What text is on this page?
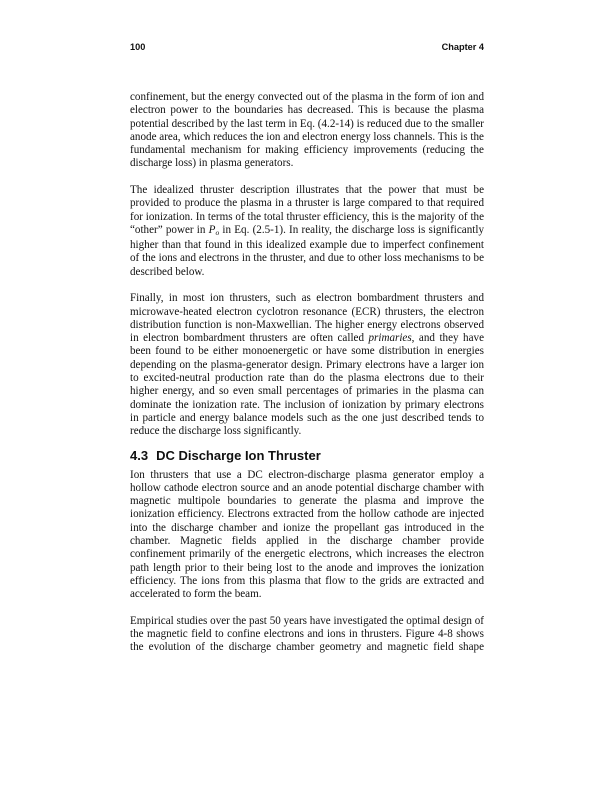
100	Chapter 4

confinement, but the energy convected out of the plasma in the form of ion and electron power to the boundaries has decreased. This is because the plasma potential described by the last term in Eq. (4.2-14) is reduced due to the smaller anode area, which reduces the ion and electron energy loss channels. This is the fundamental mechanism for making efficiency improvements (reducing the discharge loss) in plasma generators.

The idealized thruster description illustrates that the power that must be provided to produce the plasma in a thruster is large compared to that required for ionization. In terms of the total thruster efficiency, this is the majority of the “other” power in $P_o$ in Eq. (2.5-1). In reality, the discharge loss is significantly higher than that found in this idealized example due to imperfect confinement of the ions and electrons in the thruster, and due to other loss mechanisms to be described below.

Finally, in most ion thrusters, such as electron bombardment thrusters and microwave-heated electron cyclotron resonance (ECR) thrusters, the electron distribution function is non-Maxwellian. The higher energy electrons observed in electron bombardment thrusters are often called primaries, and they have been found to be either monoenergetic or have some distribution in energies depending on the plasma-generator design. Primary electrons have a larger ion to excited-neutral production rate than do the plasma electrons due to their higher energy, and so even small percentages of primaries in the plasma can dominate the ionization rate. The inclusion of ionization by primary electrons in particle and energy balance models such as the one just described tends to reduce the discharge loss significantly.

4.3 DC Discharge Ion Thruster

Ion thrusters that use a DC electron-discharge plasma generator employ a hollow cathode electron source and an anode potential discharge chamber with magnetic multipole boundaries to generate the plasma and improve the ionization efficiency. Electrons extracted from the hollow cathode are injected into the discharge chamber and ionize the propellant gas introduced in the chamber. Magnetic fields applied in the discharge chamber provide confinement primarily of the energetic electrons, which increases the electron path length prior to their being lost to the anode and improves the ionization efficiency. The ions from this plasma that flow to the grids are extracted and accelerated to form the beam.

Empirical studies over the past 50 years have investigated the optimal design of the magnetic field to confine electrons and ions in thrusters. Figure 4-8 shows the evolution of the discharge chamber geometry and magnetic field shape
